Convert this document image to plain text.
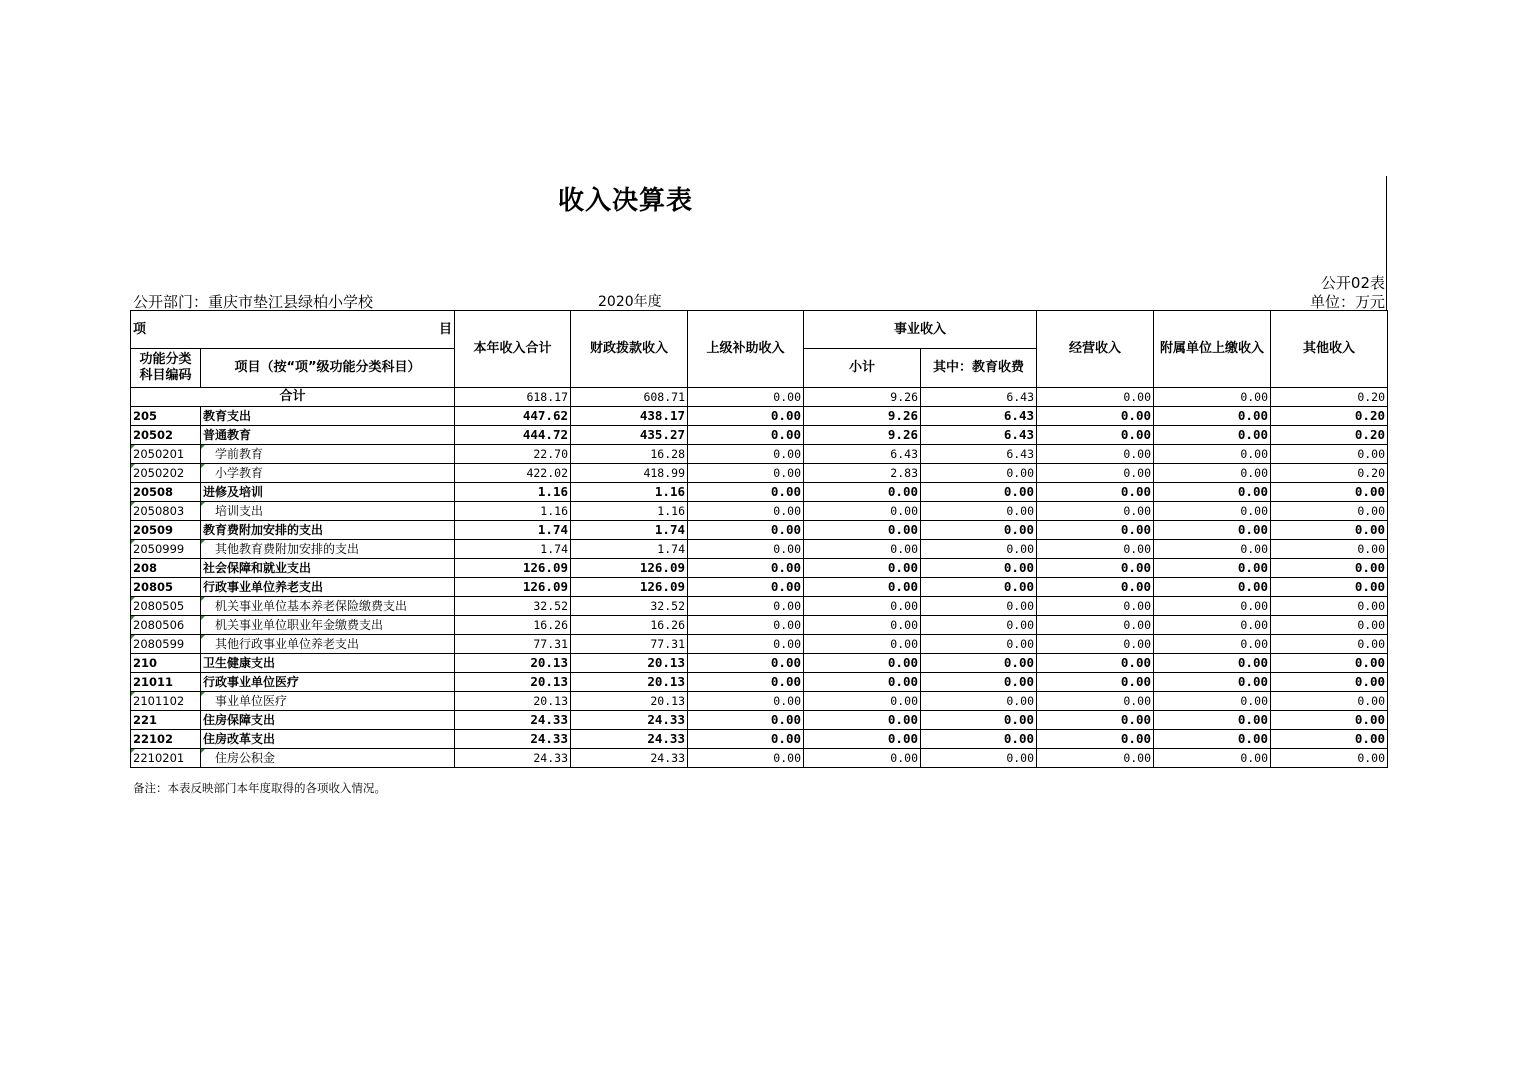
收入决算表
公开02表
单位：万元
公开部门：重庆市垫江县绿柏小学校	2020年度
项 目		本年收入合计	财政拨款收入	上级补助收入	事业收入		经营收入	附属单位上缴收入	其他收入	
功能分类科目编码	项目（按“项”级功能分类科目）				小计	其中：教育收费				

合计		618.17	608.71	0.00	9.26	6.43	0.00	0.00	0.20	
205	教育支出	447.62	438.17	0.00	9.26	6.43	0.00	0.00	0.20	
20502	普通教育	444.72	435.27	0.00	9.26	6.43	0.00	0.00	0.20	
2050201	学前教育	22.70	16.28	0.00	6.43	6.43	0.00	0.00	0.00	
2050202	小学教育	422.02	418.99	0.00	2.83	0.00	0.00	0.00	0.20	
20508	进修及培训	1.16	1.16	0.00	0.00	0.00	0.00	0.00	0.00	
2050803	培训支出	1.16	1.16	0.00	0.00	0.00	0.00	0.00	0.00	
20509	教育费附加安排的支出	1.74	1.74	0.00	0.00	0.00	0.00	0.00	0.00	
2050999	其他教育费附加安排的支出	1.74	1.74	0.00	0.00	0.00	0.00	0.00	0.00	
208	社会保障和就业支出	126.09	126.09	0.00	0.00	0.00	0.00	0.00	0.00	
20805	行政事业单位养老支出	126.09	126.09	0.00	0.00	0.00	0.00	0.00	0.00	
2080505	机关事业单位基本养老保险缴费支出	32.52	32.52	0.00	0.00	0.00	0.00	0.00	0.00	
2080506	机关事业单位职业年金缴费支出	16.26	16.26	0.00	0.00	0.00	0.00	0.00	0.00	
2080599	其他行政事业单位养老支出	77.31	77.31	0.00	0.00	0.00	0.00	0.00	0.00	
210	卫生健康支出	20.13	20.13	0.00	0.00	0.00	0.00	0.00	0.00	
21011	行政事业单位医疗	20.13	20.13	0.00	0.00	0.00	0.00	0.00	0.00	
2101102	事业单位医疗	20.13	20.13	0.00	0.00	0.00	0.00	0.00	0.00	
221	住房保障支出	24.33	24.33	0.00	0.00	0.00	0.00	0.00	0.00	
22102	住房改革支出	24.33	24.33	0.00	0.00	0.00	0.00	0.00	0.00	
2210201	住房公积金	24.33	24.33	0.00	0.00	0.00	0.00	0.00	0.00	
备注：本表反映部门本年度取得的各项收入情况。
